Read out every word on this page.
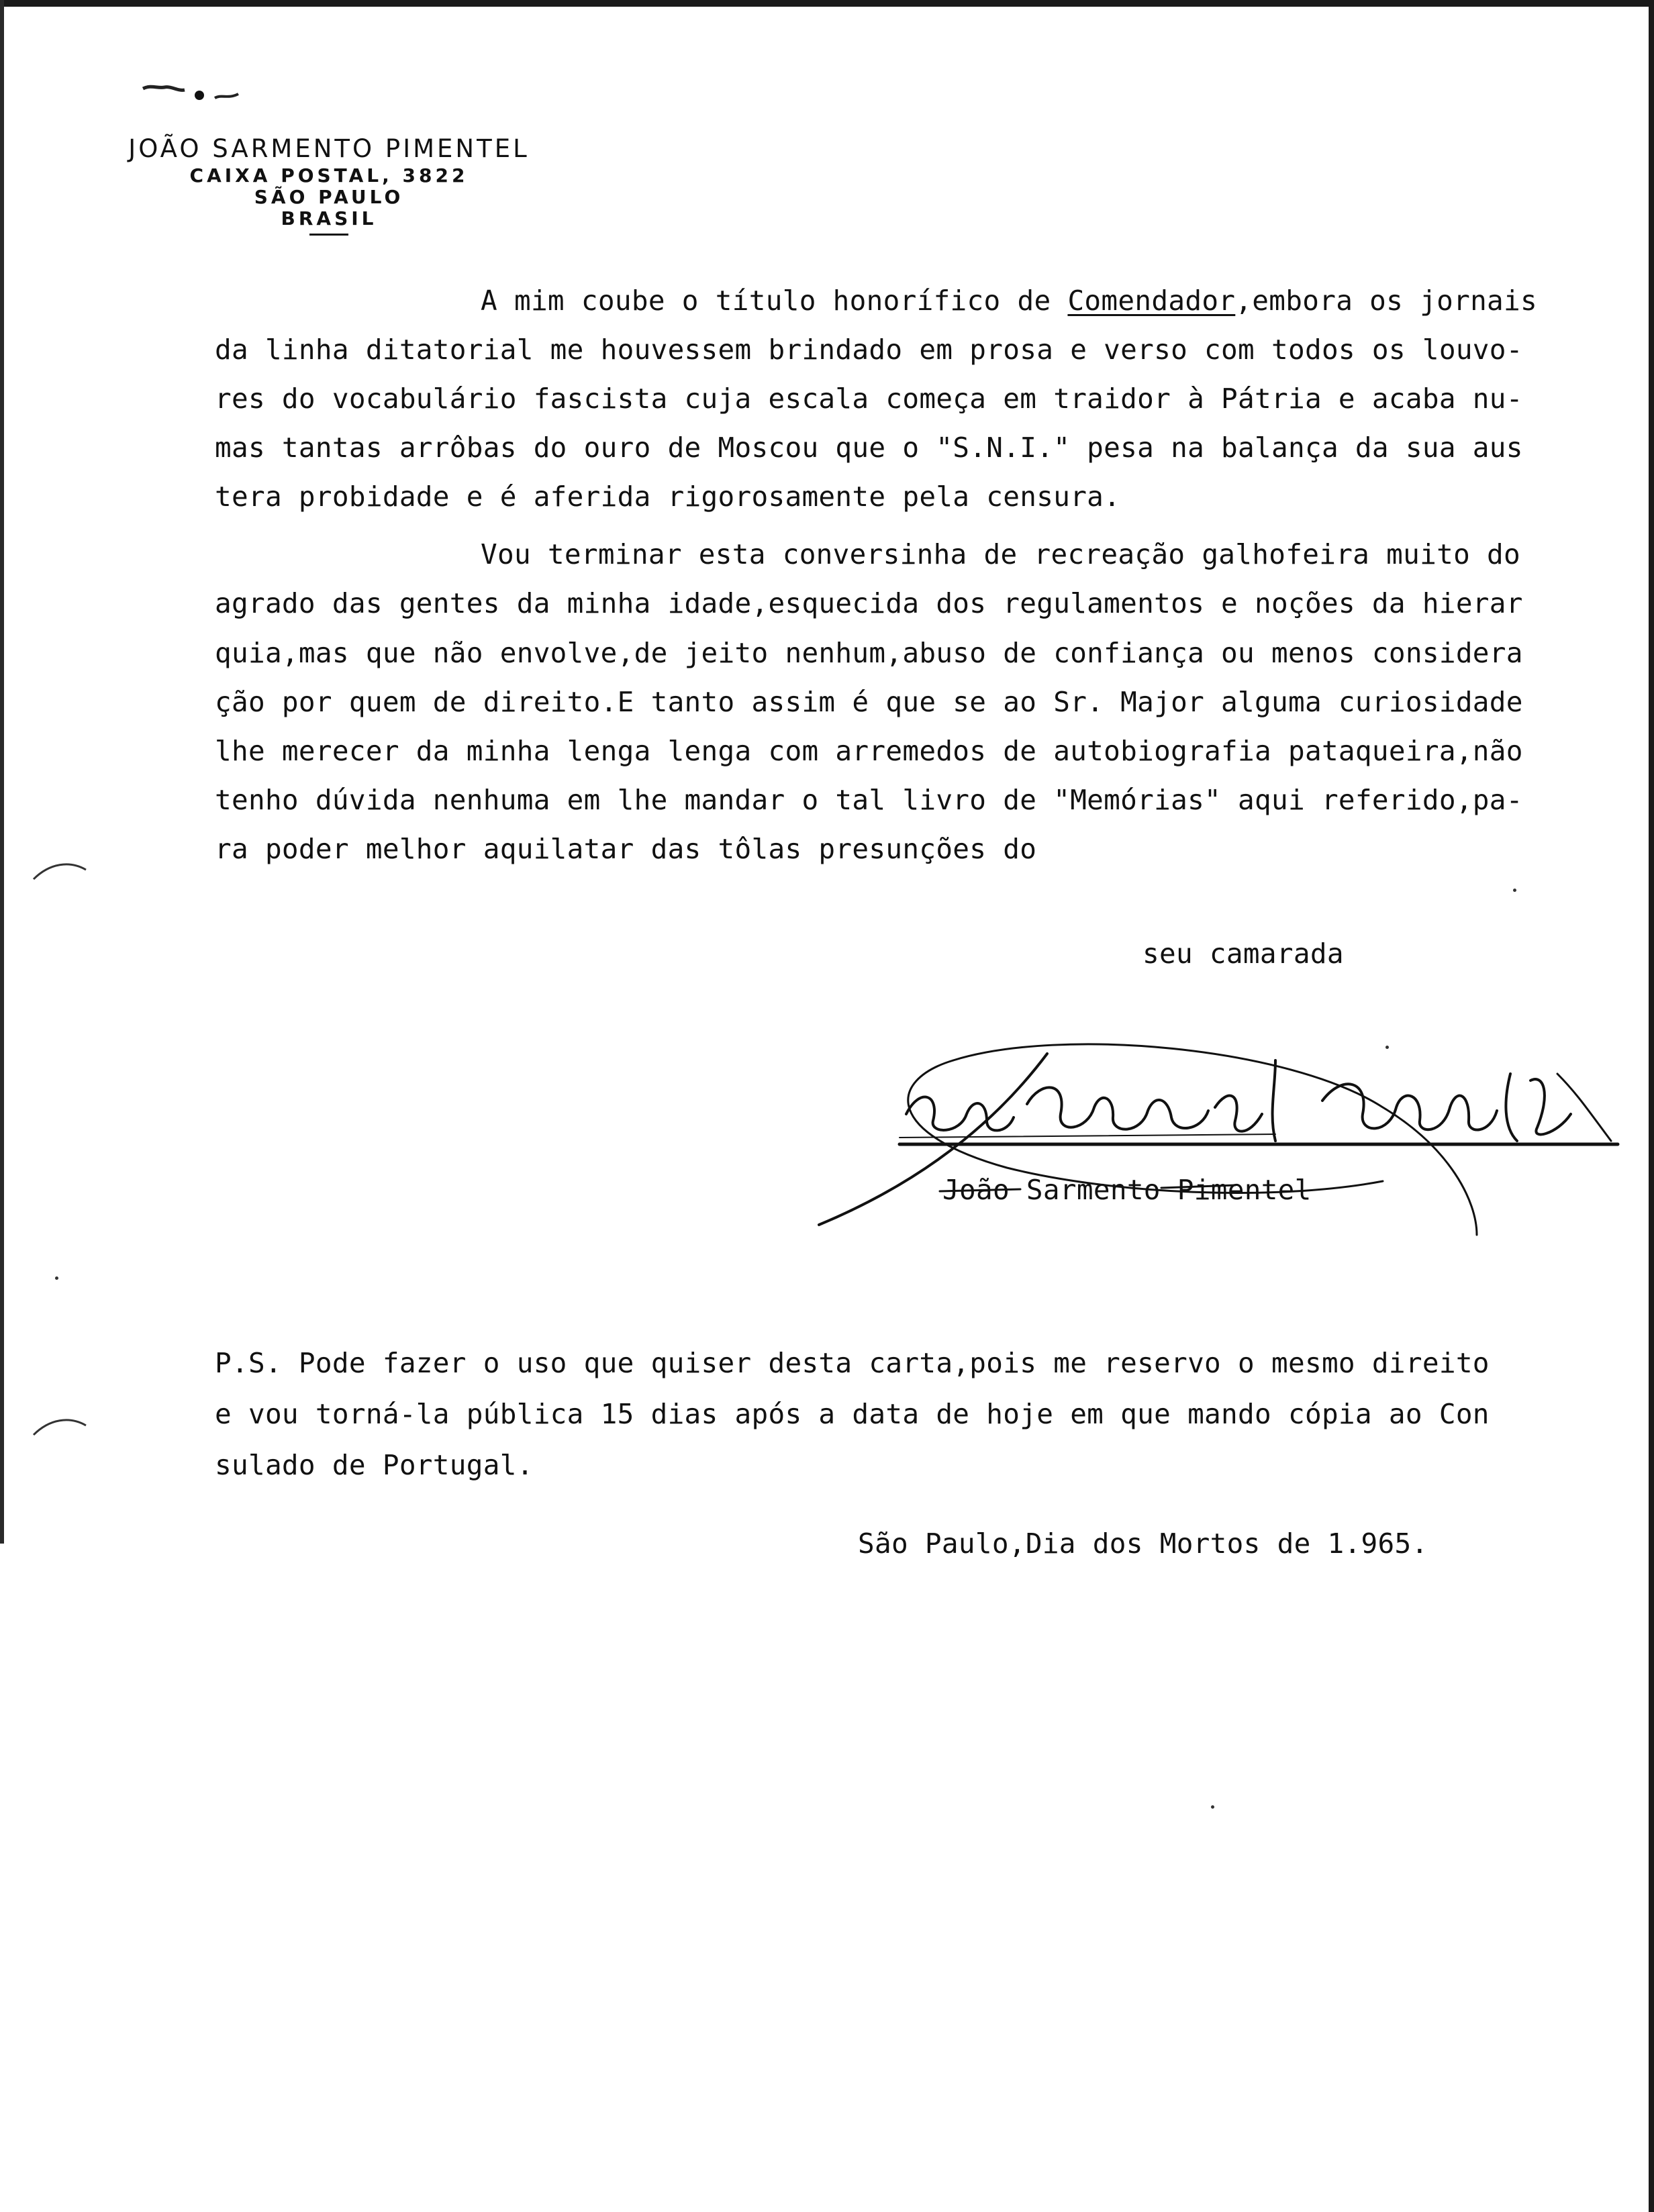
JOÃO SARMENTO PIMENTEL
CAIXA POSTAL, 3822
SÃO PAULO
BRASIL
A mim coube o título honorífico de Comendador,embora os jornais
da linha ditatorial me houvessem brindado em prosa e verso com todos os louvo-
res do vocabulário fascista cuja escala começa em traidor à Pátria e acaba nu-
mas tantas arrôbas do ouro de Moscou que o "S.N.I." pesa na balança da sua aus
tera probidade e é aferida rigorosamente pela censura.
Vou terminar esta conversinha de recreação galhofeira muito do
agrado das gentes da minha idade,esquecida dos regulamentos e noções da hierar
quia,mas que não envolve,de jeito nenhum,abuso de confiança ou menos considera
ção por quem de direito.E tanto assim é que se ao Sr. Major alguma curiosidade
lhe merecer da minha lenga lenga com arremedos de autobiografia pataqueira,não
tenho dúvida nenhuma em lhe mandar o tal livro de "Memórias" aqui referido,pa-
ra poder melhor aquilatar das tôlas presunções do
seu camarada
João Sarmento Pimentel
P.S. Pode fazer o uso que quiser desta carta,pois me reservo o mesmo direito
e vou torná-la pública 15 dias após a data de hoje em que mando cópia ao Con
sulado de Portugal.
São Paulo,Dia dos Mortos de 1.965.
